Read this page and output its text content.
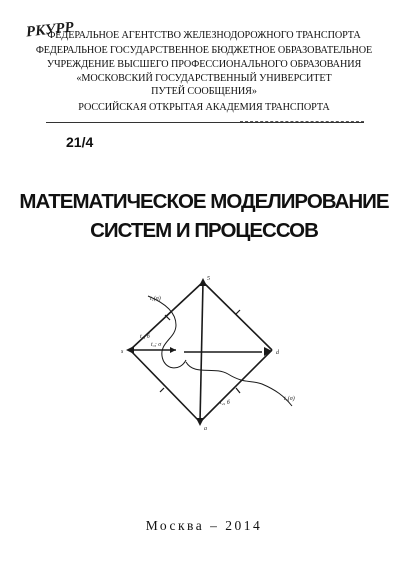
РКУРР
ФЕДЕРАЛЬНОЕ АГЕНТСТВО ЖЕЛЕЗНОДОРОЖНОГО ТРАНСПОРТА
ФЕДЕРАЛЬНОЕ ГОСУДАРСТВЕННОЕ БЮДЖЕТНОЕ ОБРАЗОВАТЕЛЬНОЕ
УЧРЕЖДЕНИЕ ВЫСШЕГО ПРОФЕССИОНАЛЬНОГО ОБРАЗОВАНИЯ
«МОСКОВСКИЙ ГОСУДАРСТВЕННЫЙ УНИВЕРСИТЕТ
ПУТЕЙ СООБЩЕНИЯ»
РОССИЙСКАЯ ОТКРЫТАЯ АКАДЕМИЯ ТРАНСПОРТА
21/4
МАТЕМАТИЧЕСКОЕ МОДЕЛИРОВАНИЕ
СИСТЕМ И ПРОЦЕССОВ
t₁(σ)
t₂, б
t₃; σ
t₄, б
t₄(σ)
5
s	d
a
Москва – 2014
